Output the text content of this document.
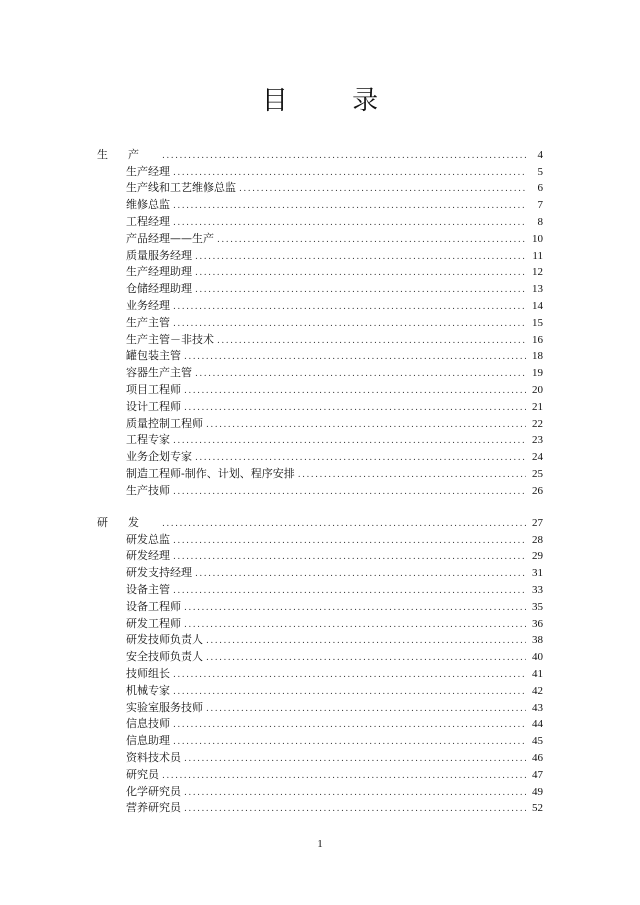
目 录
生产 .....	4
生产经理 .....	5
生产线和工艺维修总监 .....	6
维修总监 .....	7
工程经理 .....	8
产品经理——生产 .....	10
质量服务经理 .....	11
生产经理助理 .....	12
仓储经理助理 .....	13
业务经理 .....	14
生产主管 .....	15
生产主管－非技术 .....	16
罐包装主管 .....	18
容器生产主管 .....	19
项目工程师 .....	20
设计工程师 .....	21
质量控制工程师 .....	22
工程专家 .....	23
业务企划专家 .....	24
制造工程师-制作、计划、程序安排 .....	25
生产技师 .....	26
研发 .....	27
研发总监 .....	28
研发经理 .....	29
研发支持经理 .....	31
设备主管 .....	33
设备工程师 .....	35
研发工程师 .....	36
研发技师负责人 .....	38
安全技师负责人 .....	40
技师组长 .....	41
机械专家 .....	42
实验室服务技师 .....	43
信息技师 .....	44
信息助理 .....	45
资料技术员 .....	46
研究员 .....	47
化学研究员 .....	49
营养研究员 .....	52
1
